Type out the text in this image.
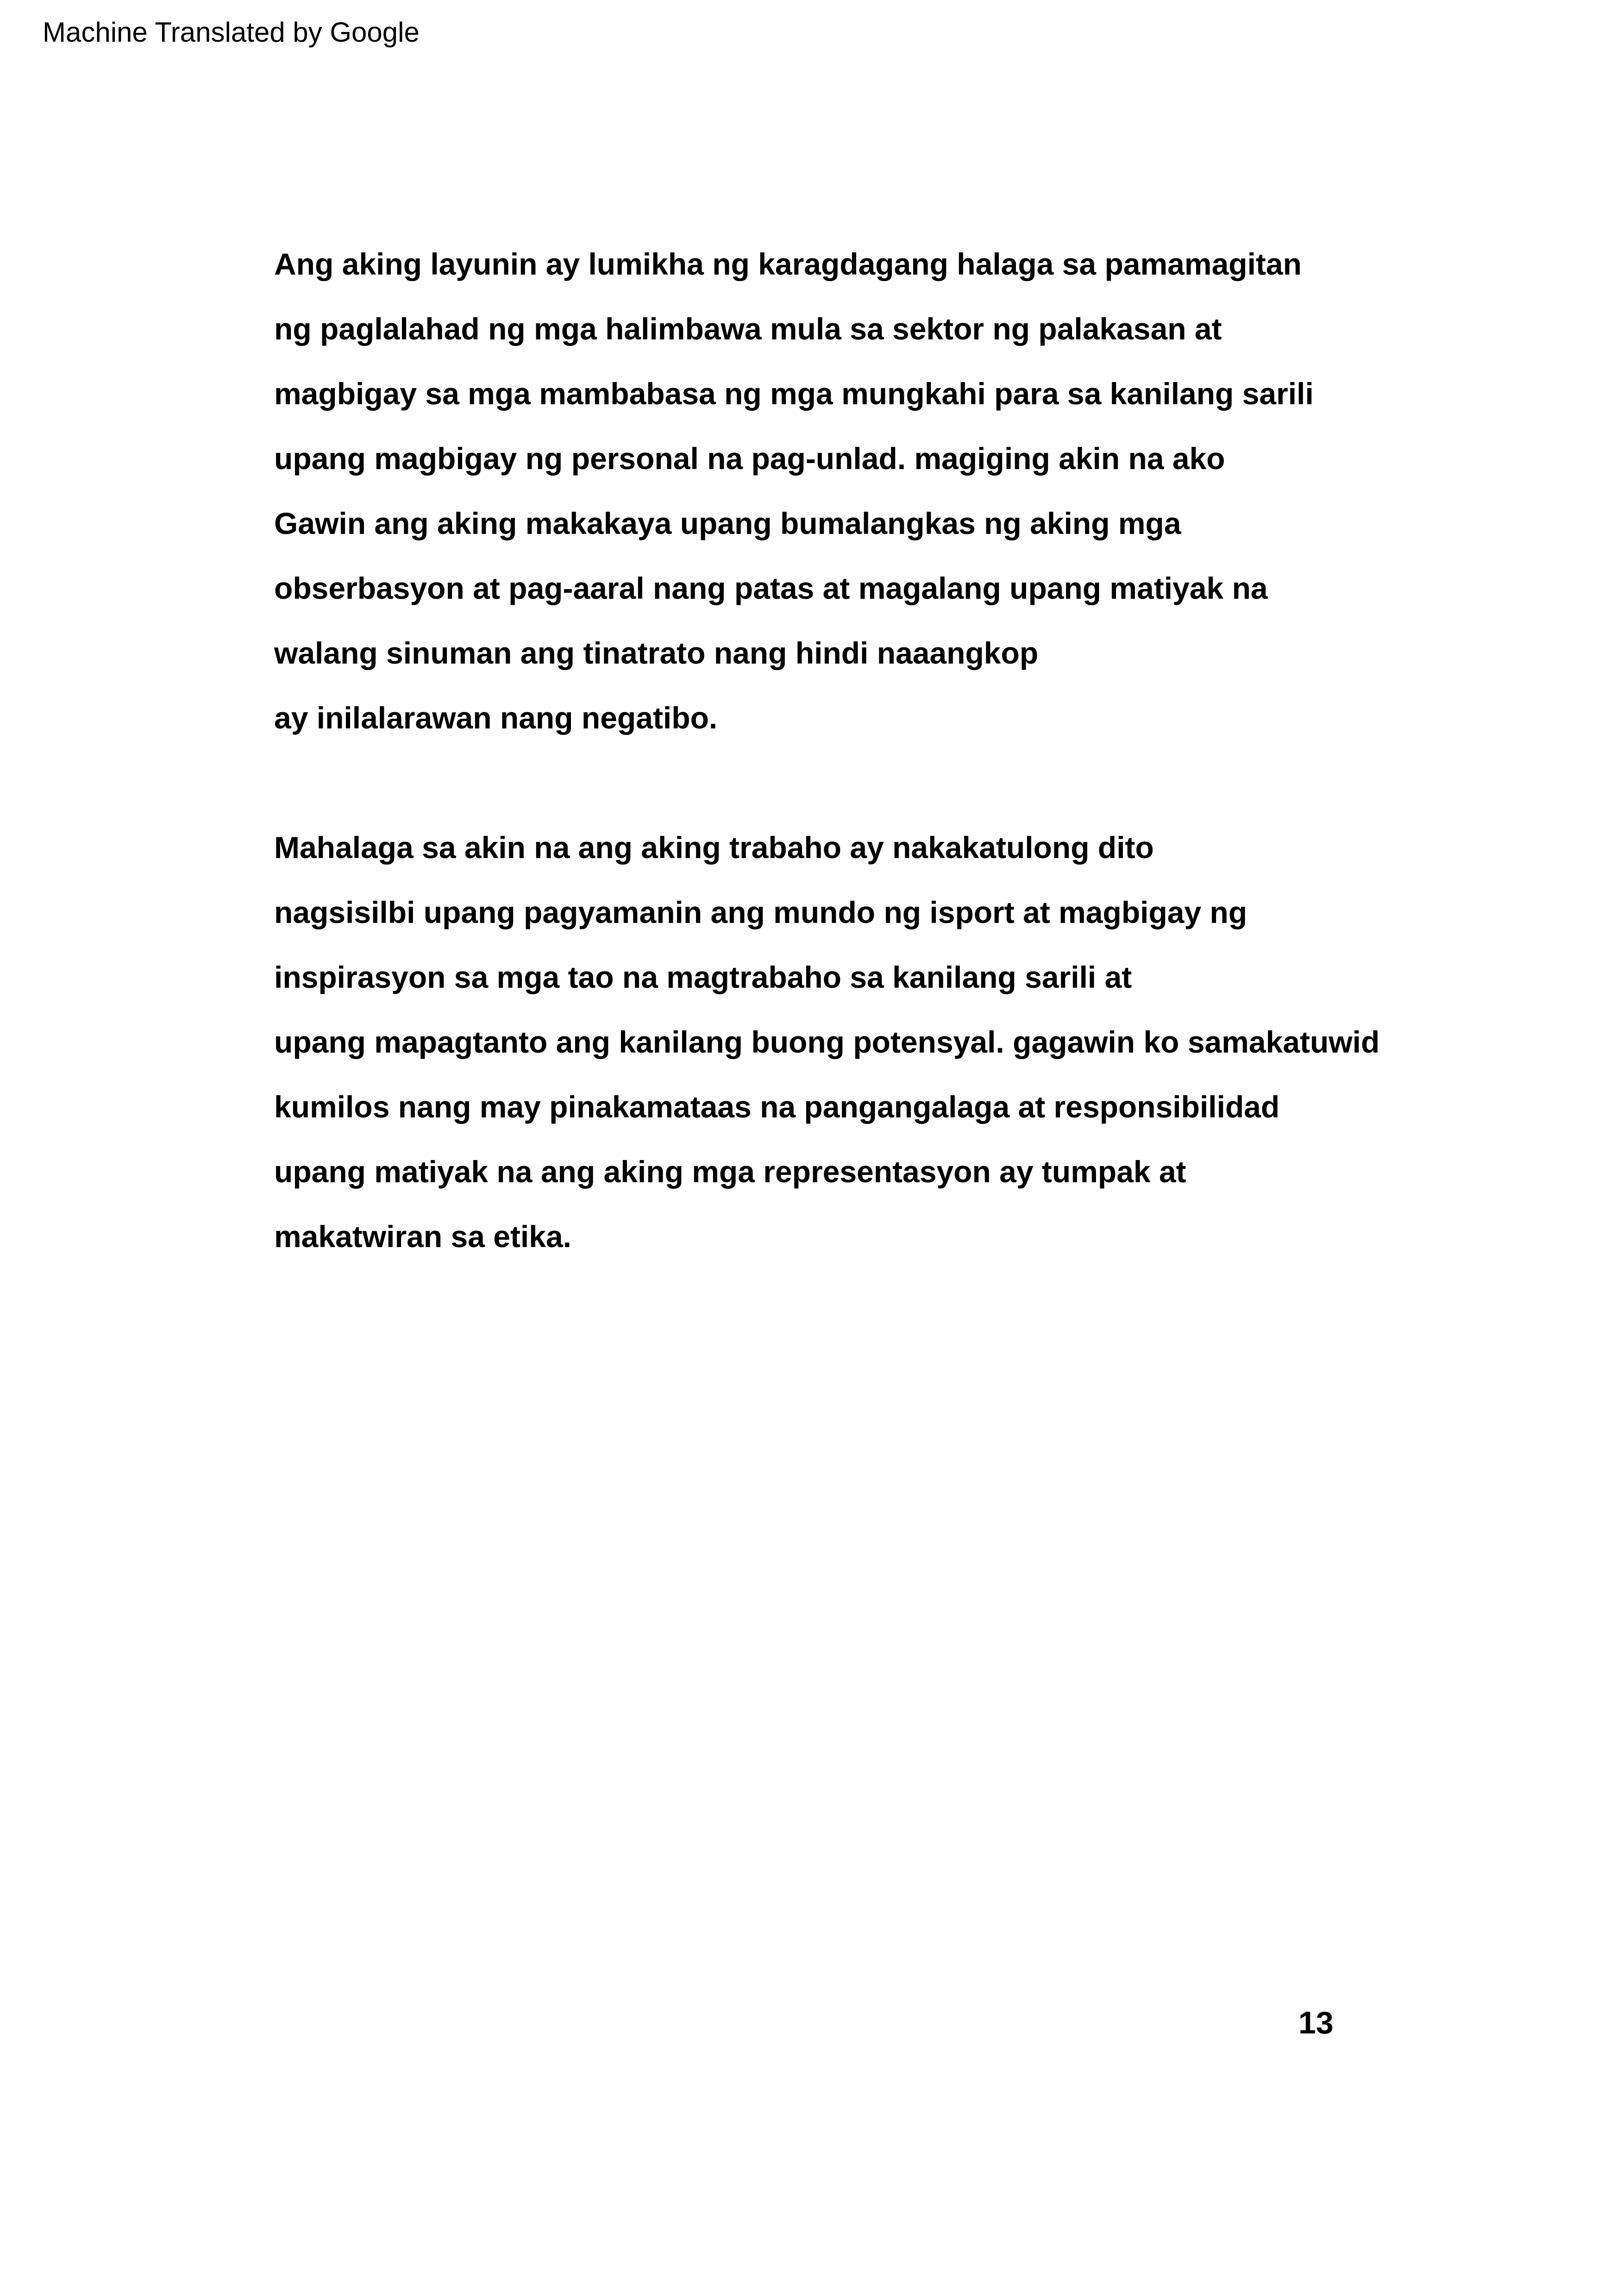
Machine Translated by Google
Ang aking layunin ay lumikha ng karagdagang halaga sa pamamagitan
ng paglalahad ng mga halimbawa mula sa sektor ng palakasan at
magbigay sa mga mambabasa ng mga mungkahi para sa kanilang sarili
upang magbigay ng personal na pag-unlad. magiging akin na ako
Gawin ang aking makakaya upang bumalangkas ng aking mga
obserbasyon at pag-aaral nang patas at magalang upang matiyak na
walang sinuman ang tinatrato nang hindi naaangkop
ay inilalarawan nang negatibo.
Mahalaga sa akin na ang aking trabaho ay nakakatulong dito
nagsisilbi upang pagyamanin ang mundo ng isport at magbigay ng
inspirasyon sa mga tao na magtrabaho sa kanilang sarili at
upang mapagtanto ang kanilang buong potensyal. gagawin ko samakatuwid
kumilos nang may pinakamataas na pangangalaga at responsibilidad
upang matiyak na ang aking mga representasyon ay tumpak at
makatwiran sa etika.
13
